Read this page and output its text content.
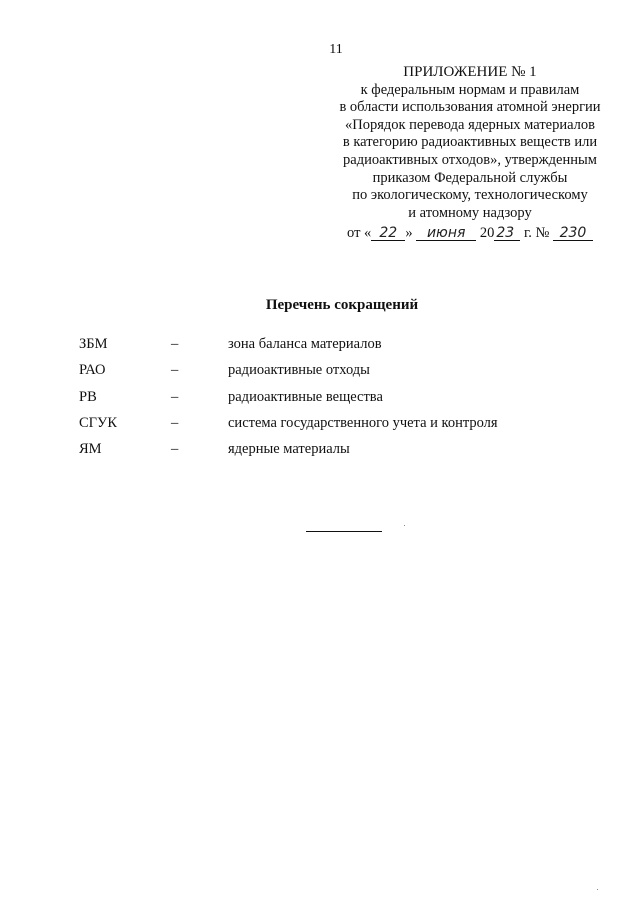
11
ПРИЛОЖЕНИЕ № 1
к федеральным нормам и правилам
в области использования атомной энергии
«Порядок перевода ядерных материалов
в категорию радиоактивных веществ или
радиоактивных отходов», утвержденным
приказом Федеральной службы
по экологическому, технологическому
и атомному надзору
от « 22 » июня 20 23 г. № 230
Перечень сокращений
ЗБМ	–	зона баланса материалов
РАО	–	радиоактивные отходы
РВ	–	радиоактивные вещества
СГУК	–	система государственного учета и контроля
ЯМ	–	ядерные материалы
